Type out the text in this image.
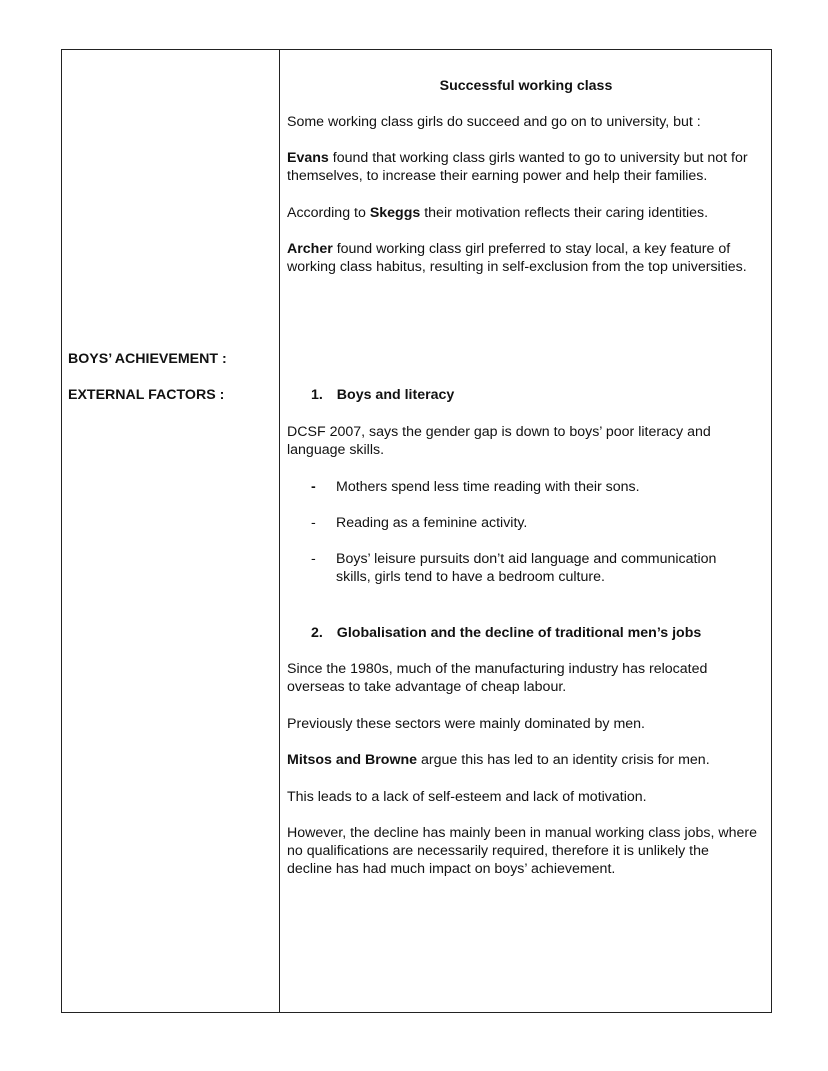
BOYS’ ACHIEVEMENT :
EXTERNAL FACTORS :
Successful working class
Some working class girls do succeed and go on to university, but :
Evans found that working class girls wanted to go to university but not for themselves, to increase their earning power and help their families.
According to Skeggs their motivation reflects their caring identities.
Archer found working class girl preferred to stay local, a key feature of working class habitus, resulting in self-exclusion from the top universities.
1. Boys and literacy
DCSF 2007, says the gender gap is down to boys’ poor literacy and language skills.
- Mothers spend less time reading with their sons.
- Reading as a feminine activity.
- Boys’ leisure pursuits don’t aid language and communication skills, girls tend to have a bedroom culture.
2. Globalisation and the decline of traditional men’s jobs
Since the 1980s, much of the manufacturing industry has relocated overseas to take advantage of cheap labour.
Previously these sectors were mainly dominated by men.
Mitsos and Browne argue this has led to an identity crisis for men.
This leads to a lack of self-esteem and lack of motivation.
However, the decline has mainly been in manual working class jobs, where no qualifications are necessarily required, therefore it is unlikely the decline has had much impact on boys’ achievement.
